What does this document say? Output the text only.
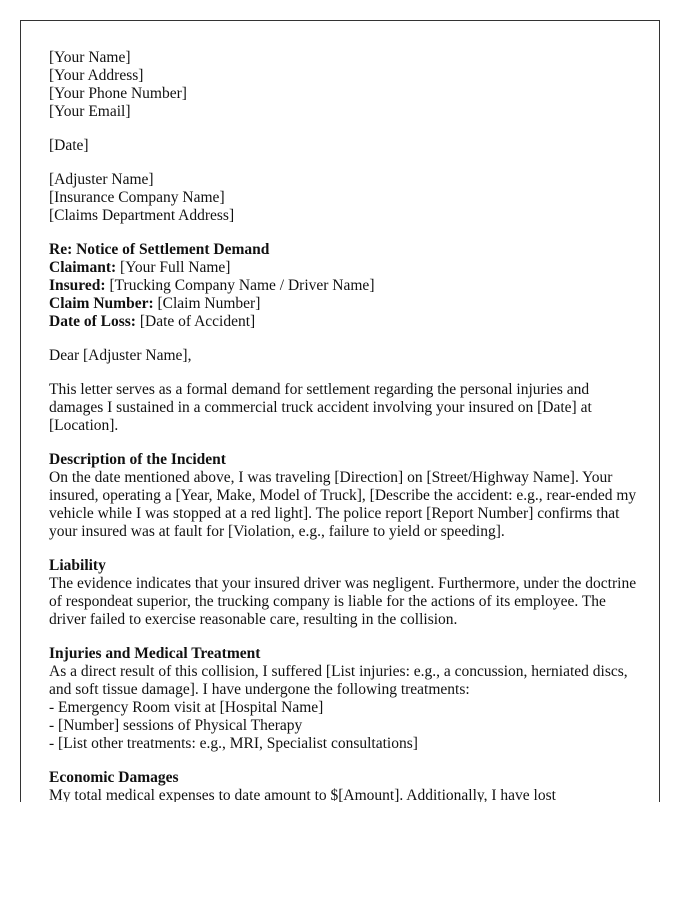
[Your Name]
[Your Address]
[Your Phone Number]
[Your Email]
[Date]
[Adjuster Name]
[Insurance Company Name]
[Claims Department Address]
Re: Notice of Settlement Demand
Claimant: [Your Full Name]
Insured: [Trucking Company Name / Driver Name]
Claim Number: [Claim Number]
Date of Loss: [Date of Accident]
Dear [Adjuster Name],
This letter serves as a formal demand for settlement regarding the personal injuries and damages I sustained in a commercial truck accident involving your insured on [Date] at [Location].
Description of the Incident
On the date mentioned above, I was traveling [Direction] on [Street/Highway Name]. Your insured, operating a [Year, Make, Model of Truck], [Describe the accident: e.g., rear-ended my vehicle while I was stopped at a red light]. The police report [Report Number] confirms that your insured was at fault for [Violation, e.g., failure to yield or speeding].
Liability
The evidence indicates that your insured driver was negligent. Furthermore, under the doctrine of respondeat superior, the trucking company is liable for the actions of its employee. The driver failed to exercise reasonable care, resulting in the collision.
Injuries and Medical Treatment
As a direct result of this collision, I suffered [List injuries: e.g., a concussion, herniated discs, and soft tissue damage]. I have undergone the following treatments:
- Emergency Room visit at [Hospital Name]
- [Number] sessions of Physical Therapy
- [List other treatments: e.g., MRI, Specialist consultations]
Economic Damages
My total medical expenses to date amount to $[Amount]. Additionally, I have lost
